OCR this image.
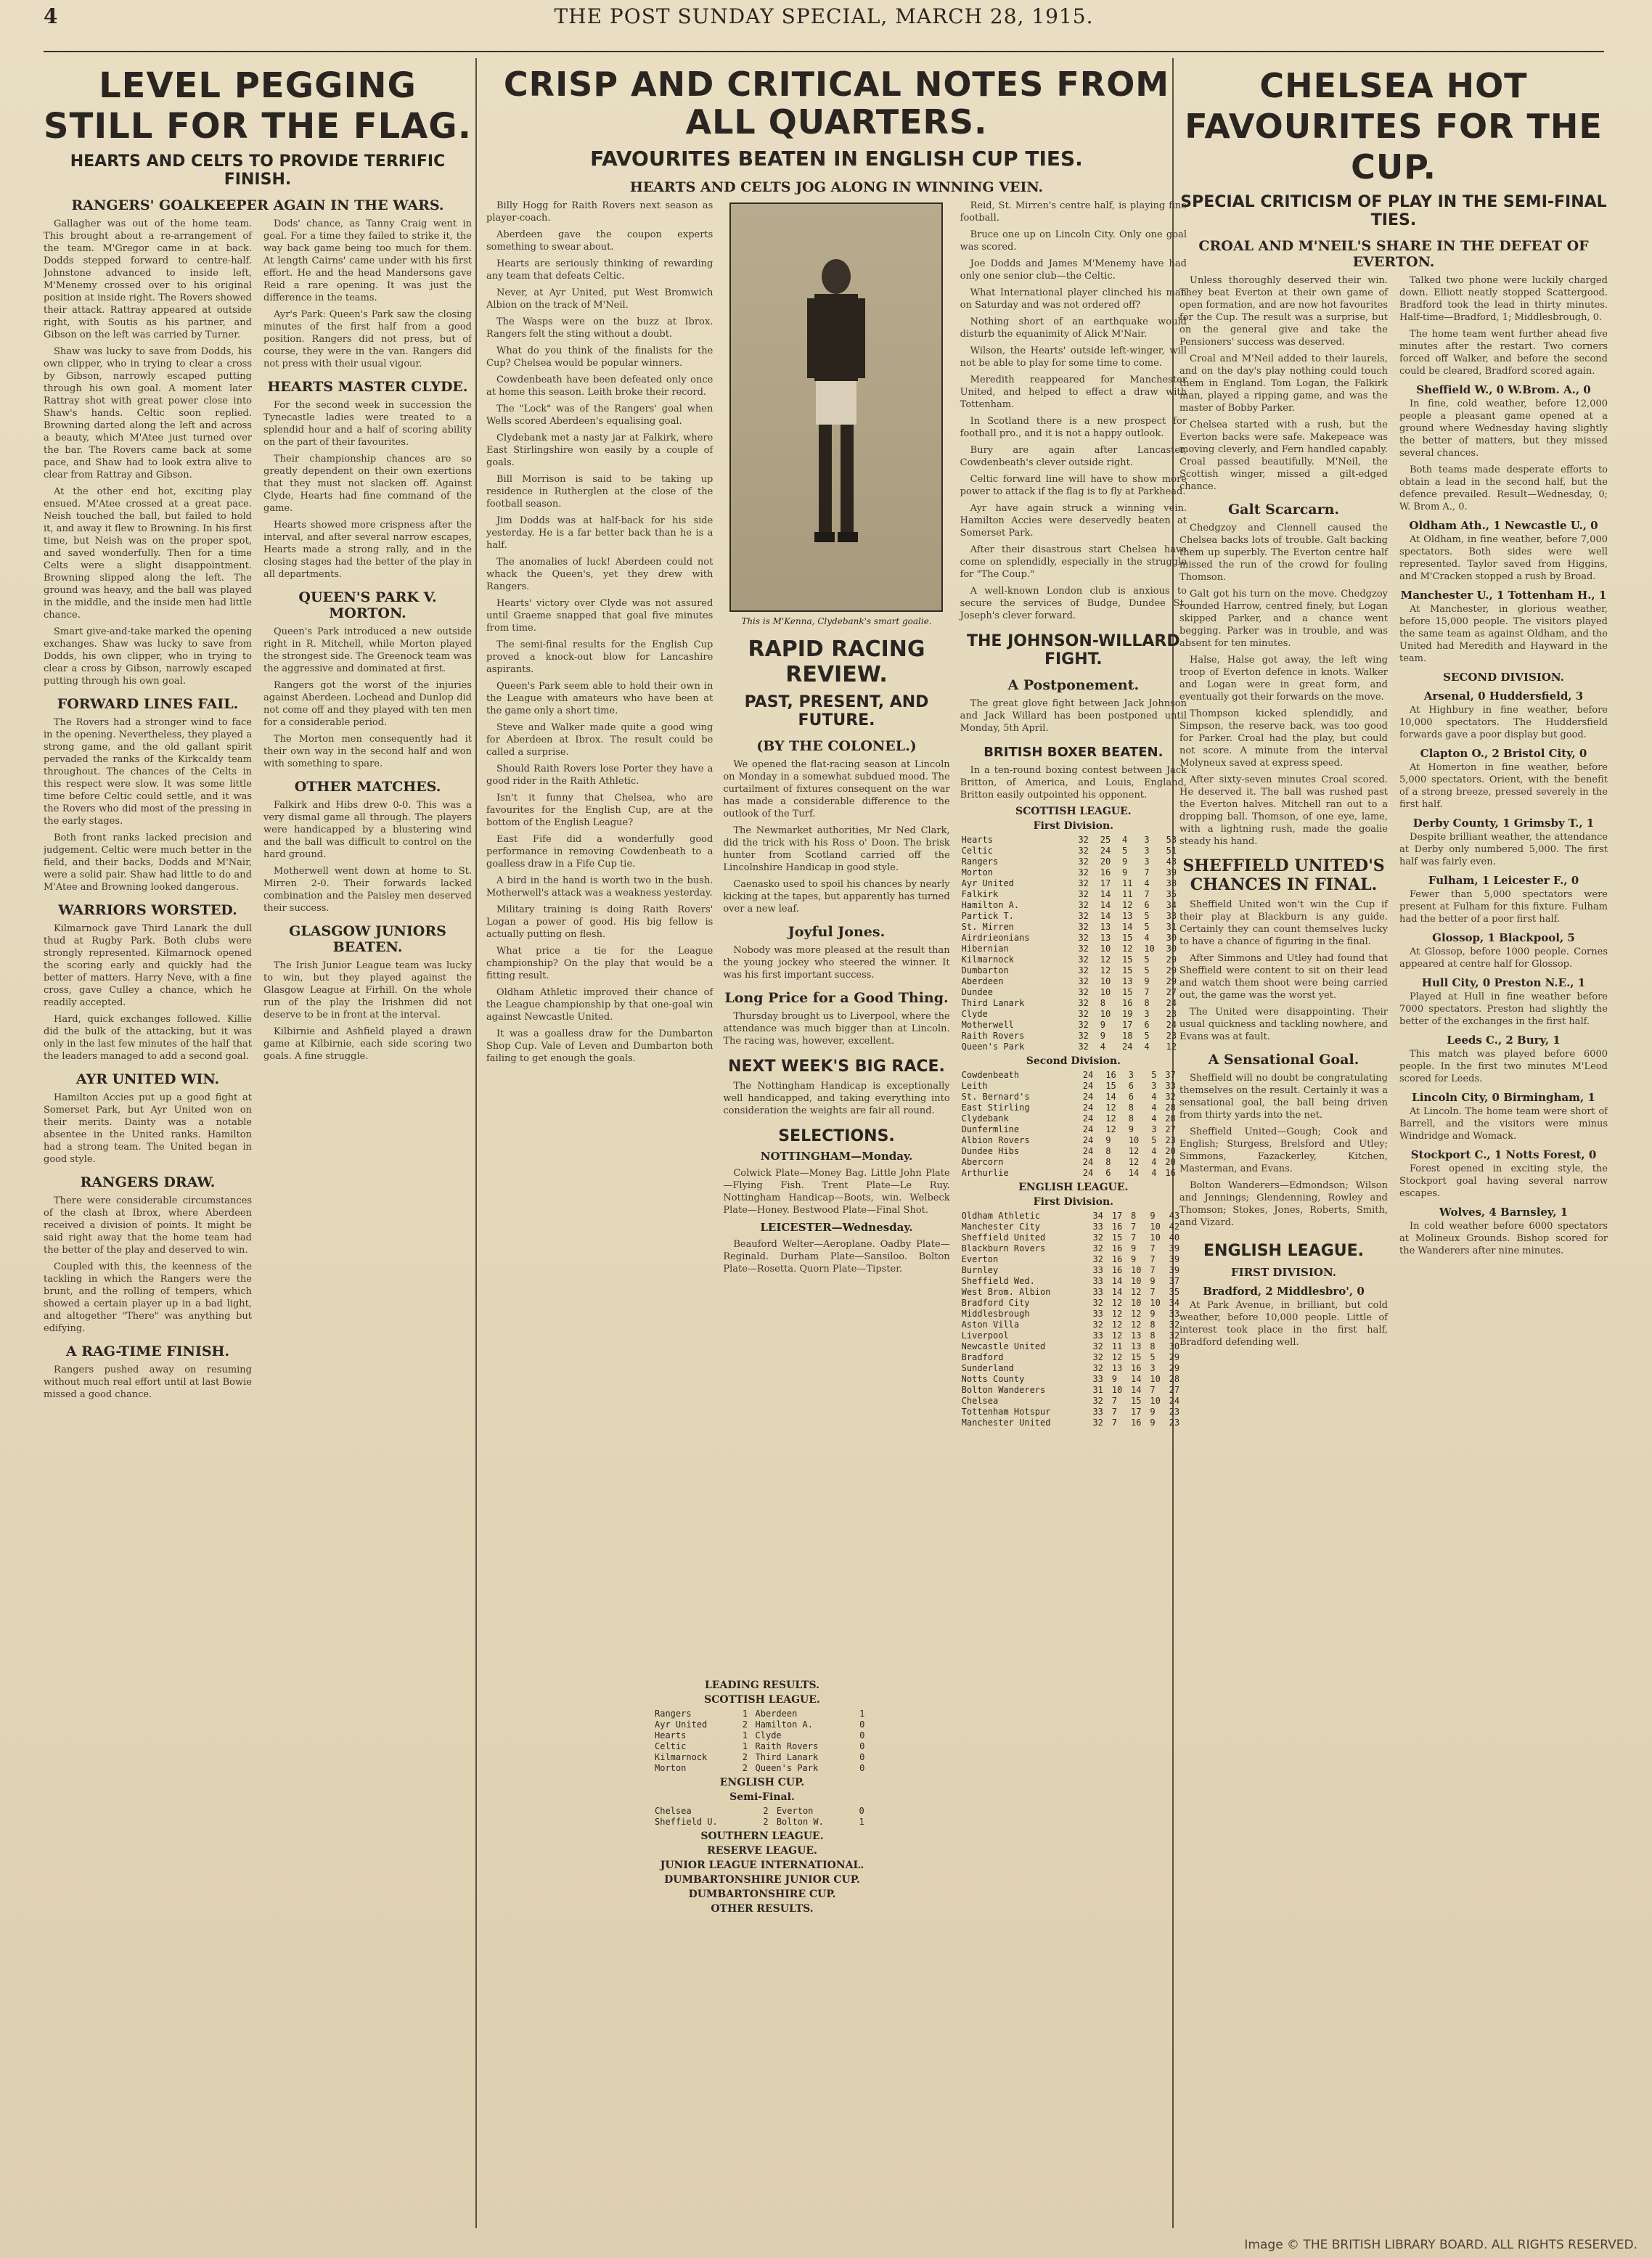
4	THE POST SUNDAY SPECIAL, MARCH 28, 1915.
LEVEL PEGGING STILL FOR THE FLAG.
HEARTS AND CELTS TO PROVIDE TERRIFIC FINISH.
RANGERS' GOALKEEPER AGAIN IN THE WARS.

Gallagher was out of the home team. This brought about a re-arrangement of the team. M'Gregor came in at back. Dodds stepped forward to centre-half. Johnstone advanced to inside left, M'Menemy crossed over to his original position at inside right. The Rovers showed their attack. Rattray appeared at outside right, with Soutis as his partner, and Gibson on the left was carried by Turner.

Shaw was lucky to save from Dodds, his own clipper, who in trying to clear a cross by Gibson, narrowly escaped putting through his own goal. A moment later Rattray shot with great power close into Shaw's hands. Celtic soon replied. Browning darted along the left and across a beauty, which M'Atee just turned over the bar. The Rovers came back at some pace, and Shaw had to look extra alive to clear from Rattray and Gibson.

At the other end hot, exciting play ensued. M'Atee crossed at a great pace. Neish touched the ball, but failed to hold it, and away it flew to Browning. In his first time, but Neish was on the proper spot, and saved wonderfully. Then for a time Celts were a slight disappointment. Browning slipped along the left. The ground was heavy, and the ball was played in the middle, and the inside men had little chance.

Smart give-and-take marked the opening exchanges. Shaw was lucky to save from Dodds, his own clipper, who in trying to clear a cross by Gibson, narrowly escaped putting through his own goal.

FORWARD LINES FAIL.

The Rovers had a stronger wind to face in the opening. Nevertheless, they played a strong game, and the old gallant spirit pervaded the ranks of the Kirkcaldy team throughout. The chances of the Celts in this respect were slow. It was some little time before Celtic could settle, and it was the Rovers who did most of the pressing in the early stages.

Both front ranks lacked precision and judgement. Celtic were much better in the field, and their backs, Dodds and M'Nair, were a solid pair. Shaw had little to do and M'Atee and Browning looked dangerous.

WARRIORS WORSTED.

Kilmarnock gave Third Lanark the dull thud at Rugby Park. Both clubs were strongly represented. Kilmarnock opened the scoring early and quickly had the better of matters. Harry Neve, with a fine cross, gave Culley a chance, which he readily accepted.

Hard, quick exchanges followed. Killie did the bulk of the attacking, but it was only in the last few minutes of the half that the leaders managed to add a second goal.

AYR UNITED WIN.

Hamilton Accies put up a good fight at Somerset Park, but Ayr United won on their merits. Dainty was a notable absentee in the United ranks. Hamilton had a strong team. The United began in good style.

RANGERS DRAW.

There were considerable circumstances of the clash at Ibrox, where Aberdeen received a division of points. It might be said right away that the home team had the better of the play and deserved to win.

Coupled with this, the keenness of the tackling in which the Rangers were the brunt, and the rolling of tempers, which showed a certain player up in a bad light, and altogether "There" was anything but edifying.

A RAG-TIME FINISH.

Rangers pushed away on resuming without much real effort until at last Bowie missed a good chance.

Dods' chance, as Tanny Craig went in goal. For a time they failed to strike it, the way back game being too much for them. At length Cairns' came under with his first effort. He and the head Mandersons gave Reid a rare opening. It was just the difference in the teams.

Ayr's Park: Queen's Park saw the closing minutes of the first half from a good position. Rangers did not press, but of course, they were in the van. Rangers did not press with their usual vigour.

HEARTS MASTER CLYDE.

For the second week in succession the Tynecastle ladies were treated to a splendid hour and a half of scoring ability on the part of their favourites.

Their championship chances are so greatly dependent on their own exertions that they must not slacken off. Against Clyde, Hearts had fine command of the game.

Hearts showed more crispness after the interval, and after several narrow escapes, Hearts made a strong rally, and in the closing stages had the better of the play in all departments.

QUEEN'S PARK V. MORTON.

Queen's Park introduced a new outside right in R. Mitchell, while Morton played the strongest side. The Greenock team was the aggressive and dominated at first.

Rangers got the worst of the injuries against Aberdeen. Lochead and Dunlop did not come off and they played with ten men for a considerable period.

The Morton men consequently had it their own way in the second half and won with something to spare.

OTHER MATCHES.

Falkirk and Hibs drew 0-0. This was a very dismal game all through. The players were handicapped by a blustering wind and the ball was difficult to control on the hard ground.

Motherwell went down at home to St. Mirren 2-0. Their forwards lacked combination and the Paisley men deserved their success.

GLASGOW JUNIORS BEATEN.

The Irish Junior League team was lucky to win, but they played against the Glasgow League at Firhill. On the whole run of the play the Irishmen did not deserve to be in front at the interval.

Kilbirnie and Ashfield played a drawn game at Kilbirnie, each side scoring two goals. A fine struggle.

CRISP AND CRITICAL NOTES FROM ALL QUARTERS.
FAVOURITES BEATEN IN ENGLISH CUP TIES.
HEARTS AND CELTS JOG ALONG IN WINNING VEIN.

Billy Hogg for Raith Rovers next season as player-coach.

Aberdeen gave the coupon experts something to swear about.

Hearts are seriously thinking of rewarding any team that defeats Celtic.

Never, at Ayr United, put West Bromwich Albion on the track of M'Neil.

The Wasps were on the buzz at Ibrox. Rangers felt the sting without a doubt.

What do you think of the finalists for the Cup? Chelsea would be popular winners.

Cowdenbeath have been defeated only once at home this season. Leith broke their record.

The "Lock" was of the Rangers' goal when Wells scored Aberdeen's equalising goal.

Clydebank met a nasty jar at Falkirk, where East Stirlingshire won easily by a couple of goals.

Bill Morrison is said to be taking up residence in Rutherglen at the close of the football season.

Jim Dodds was at half-back for his side yesterday. He is a far better back than he is a half.

The anomalies of luck! Aberdeen could not whack the Queen's, yet they drew with Rangers.

Hearts' victory over Clyde was not assured until Graeme snapped that goal five minutes from time.

The semi-final results for the English Cup proved a knock-out blow for Lancashire aspirants.

Queen's Park seem able to hold their own in the League with amateurs who have been at the game only a short time.

Steve and Walker made quite a good wing for Aberdeen at Ibrox. The result could be called a surprise.

Should Raith Rovers lose Porter they have a good rider in the Raith Athletic.

Isn't it funny that Chelsea, who are favourites for the English Cup, are at the bottom of the English League?

East Fife did a wonderfully good performance in removing Cowdenbeath to a goalless draw in a Fife Cup tie.

A bird in the hand is worth two in the bush. Motherwell's attack was a weakness yesterday.

Military training is doing Raith Rovers' Logan a power of good. His big fellow is actually putting on flesh.

What price a tie for the League championship? On the play that would be a fitting result.

Oldham Athletic improved their chance of the League championship by that one-goal win against Newcastle United.

It was a goalless draw for the Dumbarton Shop Cup. Vale of Leven and Dumbarton both failing to get enough the goals.

This is M'Kenna, Clydebank's smart goalie.
RAPID RACING REVIEW.
PAST, PRESENT, AND FUTURE.
(BY THE COLONEL.)

We opened the flat-racing season at Lincoln on Monday in a somewhat subdued mood. The curtailment of fixtures consequent on the war has made a considerable difference to the outlook of the Turf.

The Newmarket authorities, Mr Ned Clark, did the trick with his Ross o' Doon. The brisk hunter from Scotland carried off the Lincolnshire Handicap in good style.

Caenasko used to spoil his chances by nearly kicking at the tapes, but apparently has turned over a new leaf.

Joyful Jones.

Nobody was more pleased at the result than the young jockey who steered the winner. It was his first important success.

Long Price for a Good Thing.

Thursday brought us to Liverpool, where the attendance was much bigger than at Lincoln. The racing was, however, excellent.

NEXT WEEK'S BIG RACE.

The Nottingham Handicap is exceptionally well handicapped, and taking everything into consideration the weights are fair all round.

SELECTIONS.
NOTTINGHAM—Monday.

Colwick Plate—Money Bag. Little John Plate—Flying Fish. Trent Plate—Le Ruy. Nottingham Handicap—Boots, win. Welbeck Plate—Honey. Bestwood Plate—Final Shot.

LEICESTER—Wednesday.

Beauford Welter—Aeroplane. Oadby Plate—Reginald. Durham Plate—Sansiloo. Bolton Plate—Rosetta. Quorn Plate—Tipster.

Reid, St. Mirren's centre half, is playing fine football.

Bruce one up on Lincoln City. Only one goal was scored.

Joe Dodds and James M'Menemy have had only one senior club—the Celtic.

What International player clinched his man on Saturday and was not ordered off?

Nothing short of an earthquake would disturb the equanimity of Alick M'Nair.

Wilson, the Hearts' outside left-winger, will not be able to play for some time to come.

Meredith reappeared for Manchester United, and helped to effect a draw with Tottenham.

In Scotland there is a new prospect for football pro., and it is not a happy outlook.

Bury are again after Lancaster, Cowdenbeath's clever outside right.

Celtic forward line will have to show more power to attack if the flag is to fly at Parkhead.

Ayr have again struck a winning vein. Hamilton Accies were deservedly beaten at Somerset Park.

After their disastrous start Chelsea have come on splendidly, especially in the struggle for "The Coup."

A well-known London club is anxious to secure the services of Budge, Dundee St. Joseph's clever forward.

THE JOHNSON-WILLARD FIGHT.
A Postponement.

The great glove fight between Jack Johnson and Jack Willard has been postponed until Monday, 5th April.

BRITISH BOXER BEATEN.

In a ten-round boxing contest between Jack Britton, of America, and Louis, England, Britton easily outpointed his opponent.

SCOTTISH LEAGUE.
First Division.
Hearts	32	25	4	3	53
Celtic	32	24	5	3	51
Rangers	32	20	9	3	43
Morton	32	16	9	7	39
Ayr United	32	17	11	4	38
Falkirk	32	14	11	7	35
Hamilton A.	32	14	12	6	34
Partick T.	32	14	13	5	33
St. Mirren	32	13	14	5	31
Airdrieonians	32	13	15	4	30
Hibernian	32	10	12	10	30
Kilmarnock	32	12	15	5	29
Dumbarton	32	12	15	5	29
Aberdeen	32	10	13	9	29
Dundee	32	10	15	7	27
Third Lanark	32	8	16	8	24
Clyde	32	10	19	3	23
Motherwell	32	9	17	6	24
Raith Rovers	32	9	18	5	23
Queen's Park	32	4	24	4	12
Second Division.
Cowdenbeath	24	16	3	5	37
Leith	24	15	6	3	33
St. Bernard's	24	14	6	4	32
East Stirling	24	12	8	4	28
Clydebank	24	12	8	4	28
Dunfermline	24	12	9	3	27
Albion Rovers	24	9	10	5	23
Dundee Hibs	24	8	12	4	20
Abercorn	24	8	12	4	20
Arthurlie	24	6	14	4	16
ENGLISH LEAGUE.
First Division.
Oldham Athletic	34	17	8	9	43
Manchester City	33	16	7	10	42
Sheffield United	32	15	7	10	40
Blackburn Rovers	32	16	9	7	39
Everton	32	16	9	7	39
Burnley	33	16	10	7	39
Sheffield Wed.	33	14	10	9	37
West Brom. Albion	33	14	12	7	35
Bradford City	32	12	10	10	34
Middlesbrough	33	12	12	9	33
Aston Villa	32	12	12	8	32
Liverpool	33	12	13	8	32
Newcastle United	32	11	13	8	30
Bradford	32	12	15	5	29
Sunderland	32	13	16	3	29
Notts County	33	9	14	10	28
Bolton Wanderers	31	10	14	7	27
Chelsea	32	7	15	10	24
Tottenham Hotspur	33	7	17	9	23
Manchester United	32	7	16	9	23
LEADING RESULTS.
SCOTTISH LEAGUE.
Rangers	1	Aberdeen	1
Ayr United	2	Hamilton A.	0
Hearts	1	Clyde	0
Celtic	1	Raith Rovers	0
Kilmarnock	2	Third Lanark	0
Morton	2	Queen's Park	0
ENGLISH CUP.
Semi-Final.
Chelsea	2	Everton	0
Sheffield U.	2	Bolton W.	1
SOUTHERN LEAGUE.
RESERVE LEAGUE.
JUNIOR LEAGUE INTERNATIONAL.
DUMBARTONSHIRE JUNIOR CUP.
DUMBARTONSHIRE CUP.
OTHER RESULTS.
CHELSEA HOT FAVOURITES FOR THE CUP.
SPECIAL CRITICISM OF PLAY IN THE SEMI-FINAL TIES.
CROAL AND M'NEIL'S SHARE IN THE DEFEAT OF EVERTON.

Unless thoroughly deserved their win. They beat Everton at their own game of open formation, and are now hot favourites for the Cup. The result was a surprise, but on the general give and take the Pensioners' success was deserved.

Croal and M'Neil added to their laurels, and on the day's play nothing could touch them in England. Tom Logan, the Falkirk man, played a ripping game, and was the master of Bobby Parker.

Chelsea started with a rush, but the Everton backs were safe. Makepeace was moving cleverly, and Fern handled capably. Croal passed beautifully. M'Neil, the Scottish winger, missed a gilt-edged chance.

Galt Scarcarn.

Chedgzoy and Clennell caused the Chelsea backs lots of trouble. Galt backing them up superbly. The Everton centre half missed the run of the crowd for fouling Thomson.

Galt got his turn on the move. Chedgzoy rounded Harrow, centred finely, but Logan skipped Parker, and a chance went begging. Parker was in trouble, and was absent for ten minutes.

Halse, Halse got away, the left wing troop of Everton defence in knots. Walker and Logan were in great form, and eventually got their forwards on the move.

Thompson kicked splendidly, and Simpson, the reserve back, was too good for Parker. Croal had the play, but could not score. A minute from the interval Molyneux saved at express speed.

After sixty-seven minutes Croal scored. He deserved it. The ball was rushed past the Everton halves. Mitchell ran out to a dropping ball. Thomson, of one eye, lame, with a lightning rush, made the goalie steady his hand.

SHEFFIELD UNITED'S CHANCES IN FINAL.

Sheffield United won't win the Cup if their play at Blackburn is any guide. Certainly they can count themselves lucky to have a chance of figuring in the final.

After Simmons and Utley had found that Sheffield were content to sit on their lead and watch them shoot were being carried out, the game was the worst yet.

The United were disappointing. Their usual quickness and tackling nowhere, and Evans was at fault.

A Sensational Goal.

Sheffield will no doubt be congratulating themselves on the result. Certainly it was a sensational goal, the ball being driven from thirty yards into the net.

Sheffield United—Gough; Cook and English; Sturgess, Brelsford and Utley; Simmons, Fazackerley, Kitchen, Masterman, and Evans.

Bolton Wanderers—Edmondson; Wilson and Jennings; Glendenning, Rowley and Thomson; Stokes, Jones, Roberts, Smith, and Vizard.

ENGLISH LEAGUE.
FIRST DIVISION.
Bradford, 2 Middlesbro', 0

At Park Avenue, in brilliant, but cold weather, before 10,000 people. Little of interest took place in the first half, Bradford defending well.

Talked two phone were luckily charged down. Elliott neatly stopped Scattergood. Bradford took the lead in thirty minutes. Half-time—Bradford, 1; Middlesbrough, 0.

The home team went further ahead five minutes after the restart. Two corners forced off Walker, and before the second could be cleared, Bradford scored again.

Sheffield W., 0 W.Brom. A., 0

In fine, cold weather, before 12,000 people a pleasant game opened at a ground where Wednesday having slightly the better of matters, but they missed several chances.

Both teams made desperate efforts to obtain a lead in the second half, but the defence prevailed. Result—Wednesday, 0; W. Brom A., 0.

Oldham Ath., 1 Newcastle U., 0

At Oldham, in fine weather, before 7,000 spectators. Both sides were well represented. Taylor saved from Higgins, and M'Cracken stopped a rush by Broad.

Manchester U., 1 Tottenham H., 1

At Manchester, in glorious weather, before 15,000 people. The visitors played the same team as against Oldham, and the United had Meredith and Hayward in the team.

SECOND DIVISION.
Arsenal, 0 Huddersfield, 3

At Highbury in fine weather, before 10,000 spectators. The Huddersfield forwards gave a poor display but good.

Clapton O., 2 Bristol City, 0

At Homerton in fine weather, before 5,000 spectators. Orient, with the benefit of a strong breeze, pressed severely in the first half.

Derby County, 1 Grimsby T., 1

Despite brilliant weather, the attendance at Derby only numbered 5,000. The first half was fairly even.

Fulham, 1 Leicester F., 0

Fewer than 5,000 spectators were present at Fulham for this fixture. Fulham had the better of a poor first half.

Glossop, 1 Blackpool, 5

At Glossop, before 1000 people. Cornes appeared at centre half for Glossop.

Hull City, 0 Preston N.E., 1

Played at Hull in fine weather before 7000 spectators. Preston had slightly the better of the exchanges in the first half.

Leeds C., 2 Bury, 1

This match was played before 6000 people. In the first two minutes M'Leod scored for Leeds.

Lincoln City, 0 Birmingham, 1

At Lincoln. The home team were short of Barrell, and the visitors were minus Windridge and Womack.

Stockport C., 1 Notts Forest, 0

Forest opened in exciting style, the Stockport goal having several narrow escapes.

Wolves, 4 Barnsley, 1

In cold weather before 6000 spectators at Molineux Grounds. Bishop scored for the Wanderers after nine minutes.

Image © THE BRITISH LIBRARY BOARD. ALL RIGHTS RESERVED.
